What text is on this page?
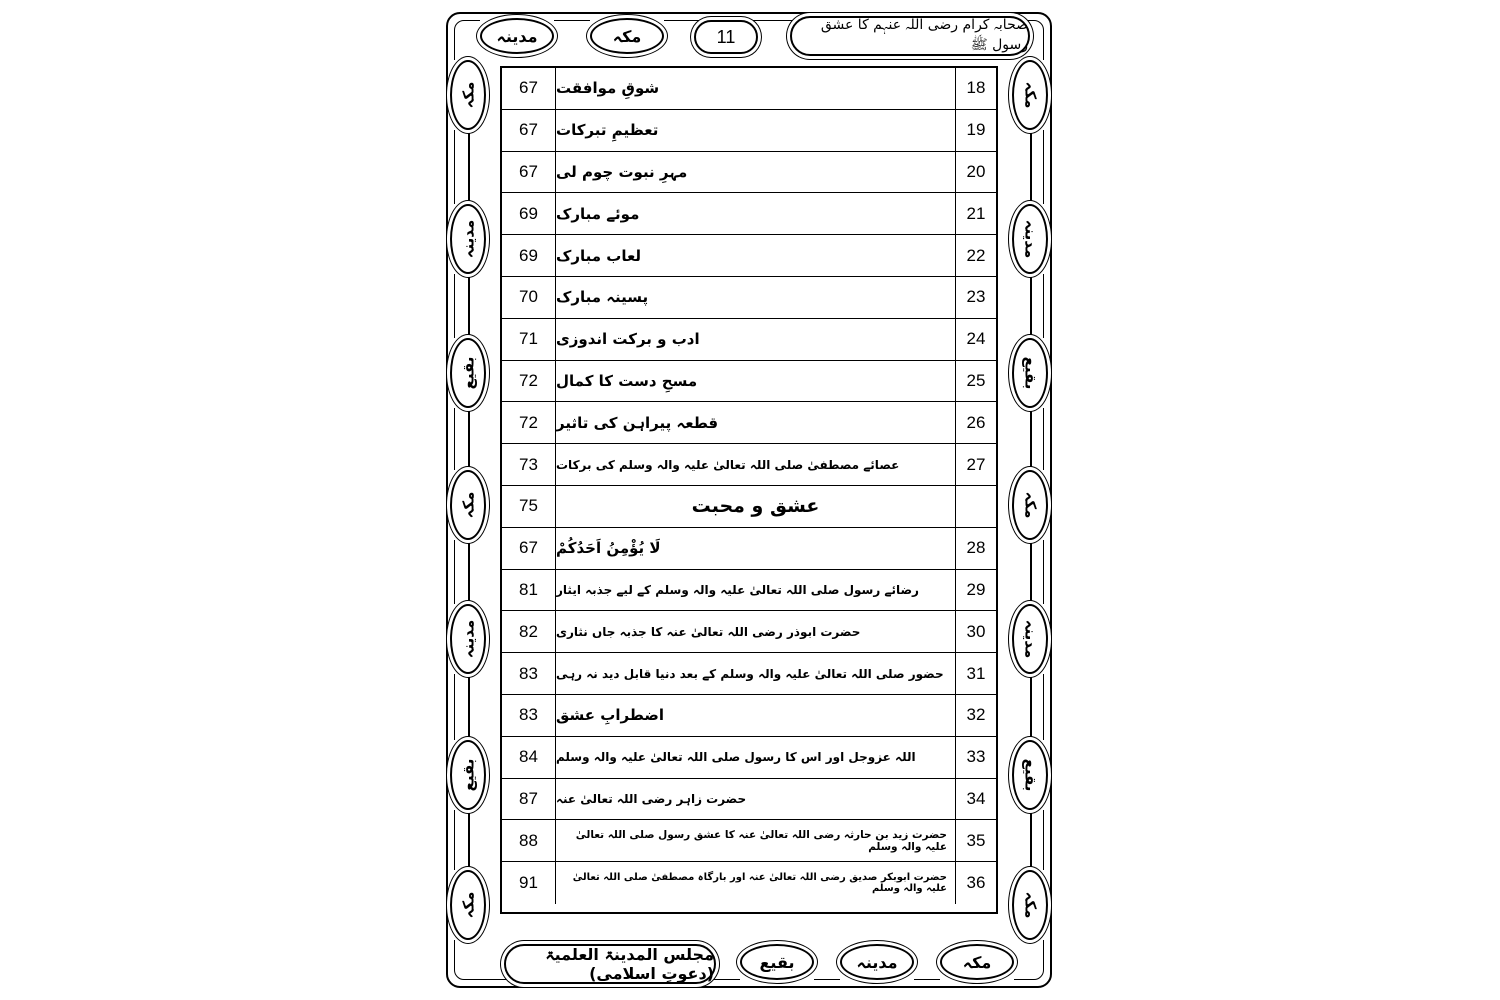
مدینہ	مکہ	11
صحابہ کرام رضی اللہ عنہم کا عشق رسول ﷺ
مکہ
مدینہ
بقیع
مکہ
مدینہ
بقیع
مکہ
مکہ
مدینہ
بقیع
مکہ
مدینہ
بقیع
مکہ
67	شوقِ موافقت	18
67	تعظیمِ تبرکات	19
67	مہرِ نبوت چوم لی	20
69	موئے مبارک	21
69	لعاب مبارک	22
70	پسینہ مبارک	23
71	ادب و برکت اندوزی	24
72	مسحِ دست کا کمال	25
72	قطعہ پیراہن کی تاثیر	26
73	عصائے مصطفیٰ صلی اللہ تعالیٰ علیہ والہ وسلم کی برکات	27
75	عشق و محبت
67	لَا یُؤْمِنُ اَحَدُکُمْ	28
81	رضائے رسول صلی اللہ تعالیٰ علیہ والہ وسلم کے لیے جذبہ ایثار	29
82	حضرت ابوذر رضی اللہ تعالیٰ عنہ کا جذبہ جاں نثاری	30
83	حضور صلی اللہ تعالیٰ علیہ والہ وسلم کے بعد دنیا قابل دید نہ رہی	31
83	اضطرابِ عشق	32
84	اللہ عزوجل اور اس کا رسول صلی اللہ تعالیٰ علیہ والہ وسلم	33
87	حضرت زاہر رضی اللہ تعالیٰ عنہ	34
88	حضرت زید بن حارثہ رضی اللہ تعالیٰ عنہ کا عشق رسول صلی اللہ تعالیٰ علیہ والہ وسلم	35
91	حضرت ابوبکر صدیق رضی اللہ تعالیٰ عنہ اور بارگاہ مصطفیٰ صلی اللہ تعالیٰ علیہ والہ وسلم	36
مجلس المدینۃ العلمیۃ (دعوتِ اسلامی)
بقیع	مدینہ	مکہ
